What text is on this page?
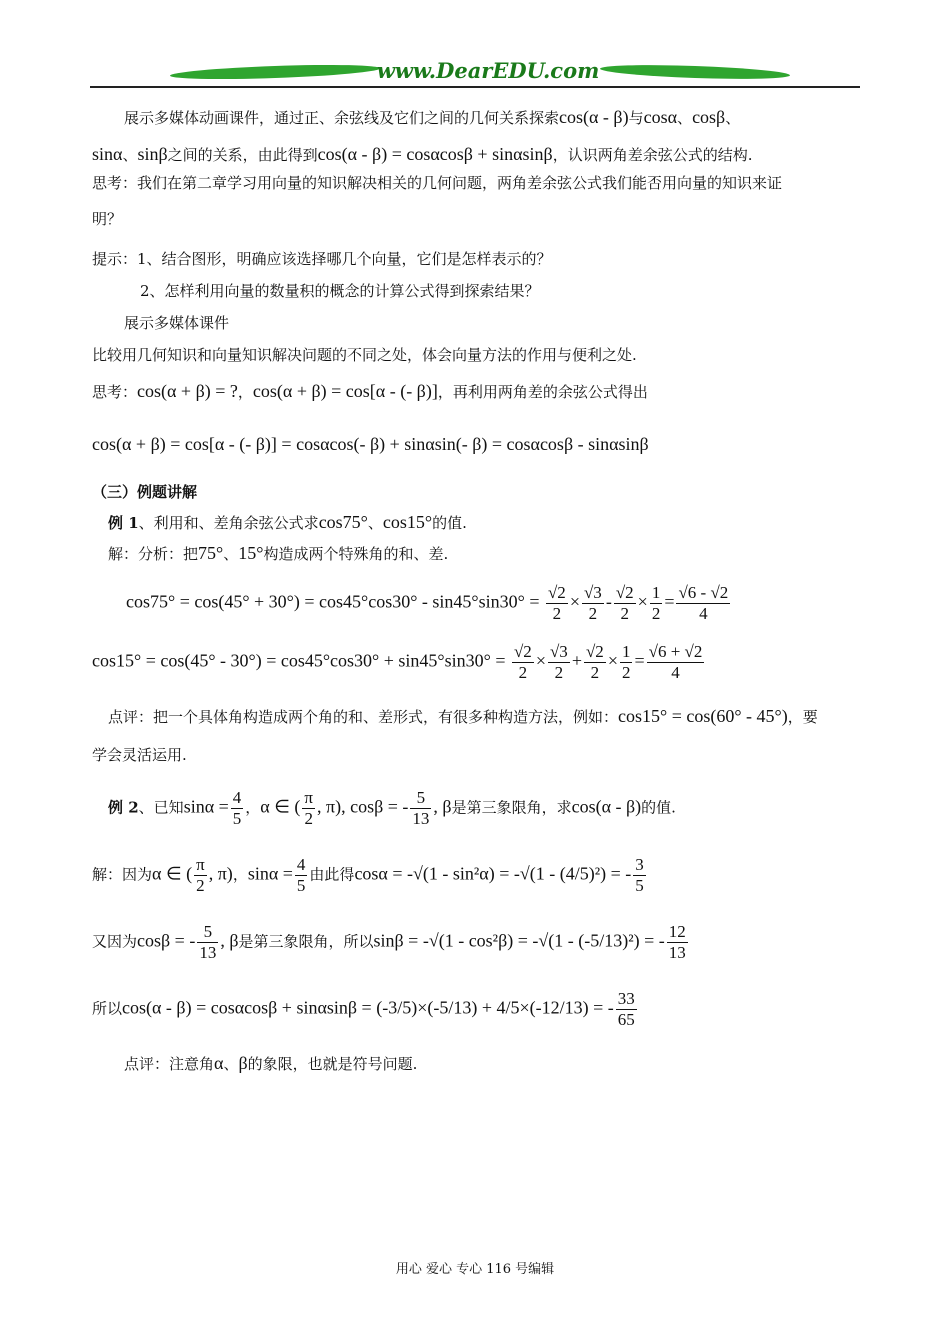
www.DearEDU.com

展示多媒体动画课件，通过正、余弦线及它们之间的几何关系探索cos(α - β)与cosα、cosβ、

sinα、sinβ之间的关系，由此得到cos(α - β) = cosαcosβ + sinαsinβ，认识两角差余弦公式的结构.

思考：我们在第二章学习用向量的知识解决相关的几何问题，两角差余弦公式我们能否用向量的知识来证

明？

提示：1、结合图形，明确应该选择哪几个向量，它们是怎样表示的？

2、怎样利用向量的数量积的概念的计算公式得到探索结果？

展示多媒体课件

比较用几何知识和向量知识解决问题的不同之处，体会向量方法的作用与便利之处.

思考：cos(α + β) = ?，cos(α + β) = cos[α - (- β)]，再利用两角差的余弦公式得出

cos(α + β) = cos[α - (- β)] = cosαcos(- β) + sinαsin(- β) = cosαcosβ - sinαsinβ

（三）例题讲解

例 1、利用和、差角余弦公式求cos75°、cos15°的值.

解：分析：把75°、15°构造成两个特殊角的和、差.

$\cos 75^\circ = \cos(45^\circ + 30^\circ) = \cos 45^\circ\cos 30^\circ - \sin 45^\circ\sin 30^\circ = \frac{√2}{2} \times \frac{√3}{2} - \frac{√2}{2} \times \frac{1}{2} = \frac{√6 - √2}{4}$

$\cos 15^\circ = \cos(45^\circ - 30^\circ) = \cos 45^\circ\cos 30^\circ + \sin 45^\circ\sin 30^\circ = \frac{√2}{2} \times \frac{√3}{2} + \frac{√2}{2} \times \frac{1}{2} = \frac{√6 + √2}{4}$

点评：把一个具体角构造成两个角的和、差形式，有很多种构造方法，例如：cos15° = cos(60° - 45°)，要

学会灵活运用.

例 2、已知$\sin\alpha = \frac{4}{5}$ ，α ∈ ( $\frac{\pi}{2}$ , π), cosβ = - $\frac{5}{13}$ , β是第三象限角，求cos(α - β)的值.

解：因为α ∈ ( $\frac{\pi}{2}$ , π)，$\sin\alpha = \frac{4}{5}$ 由此得cosα = -√(1 - sin²α) = -√(1 - (4/5)²) = - $\frac{3}{5}$

又因为cosβ = - $\frac{5}{13}$ , β是第三象限角，所以sinβ = -√(1 - cos²β) = -√(1 - (-5/13)²) = - $\frac{12}{13}$

所以cos(α - β) = cosαcosβ + sinαsinβ = (-3/5)×(-5/13) + 4/5×(-12/13) = - $\frac{33}{65}$

点评：注意角α、β的象限，也就是符号问题.

用心 爱心 专心 116 号编辑
